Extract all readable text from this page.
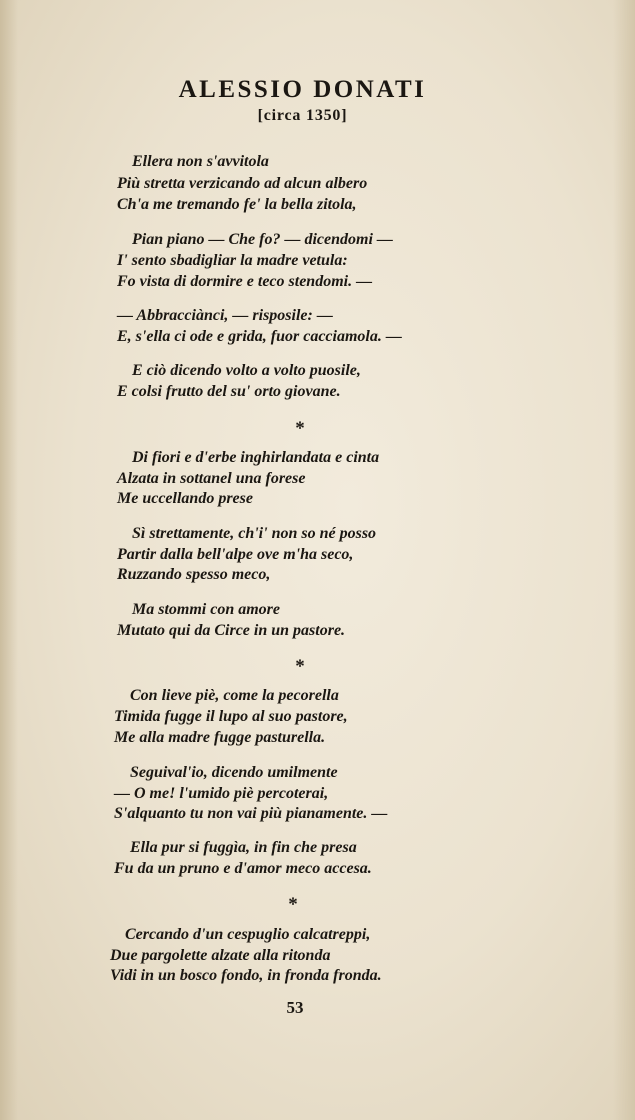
ALESSIO DONATI
[circa 1350]
Ellera non s'avvitola
Più stretta verzicando ad alcun albero
Ch'a me tremando fe' la bella zitola,
Pian piano — Che fo? — dicendomi —
I' sento sbadigliar la madre vetula:
Fo vista di dormire e teco stendomi. —
— Abbracciànci, — risposile: —
E, s'ella ci ode e grida, fuor cacciamola. —
E ciò dicendo volto a volto puosile,
E colsi frutto del su' orto giovane.
*
Di fiori e d'erbe inghirlandata e cinta
Alzata in sottanel una forese
Me uccellando prese
Sì strettamente, ch'i' non so né posso
Partir dalla bell'alpe ove m'ha seco,
Ruzzando spesso meco,
Ma stommi con amore
Mutato qui da Circe in un pastore.
*
Con lieve piè, come la pecorella
Timida fugge il lupo al suo pastore,
Me alla madre fugge pasturella.
Seguival'io, dicendo umilmente
— O me! l'umido piè percoterai,
S'alquanto tu non vai più pianamente. —
Ella pur si fuggìa, in fin che presa
Fu da un pruno e d'amor meco accesa.
*
Cercando d'un cespuglio calcatreppi,
Due pargolette alzate alla ritonda
Vidi in un bosco fondo, in fronda fronda.
53
